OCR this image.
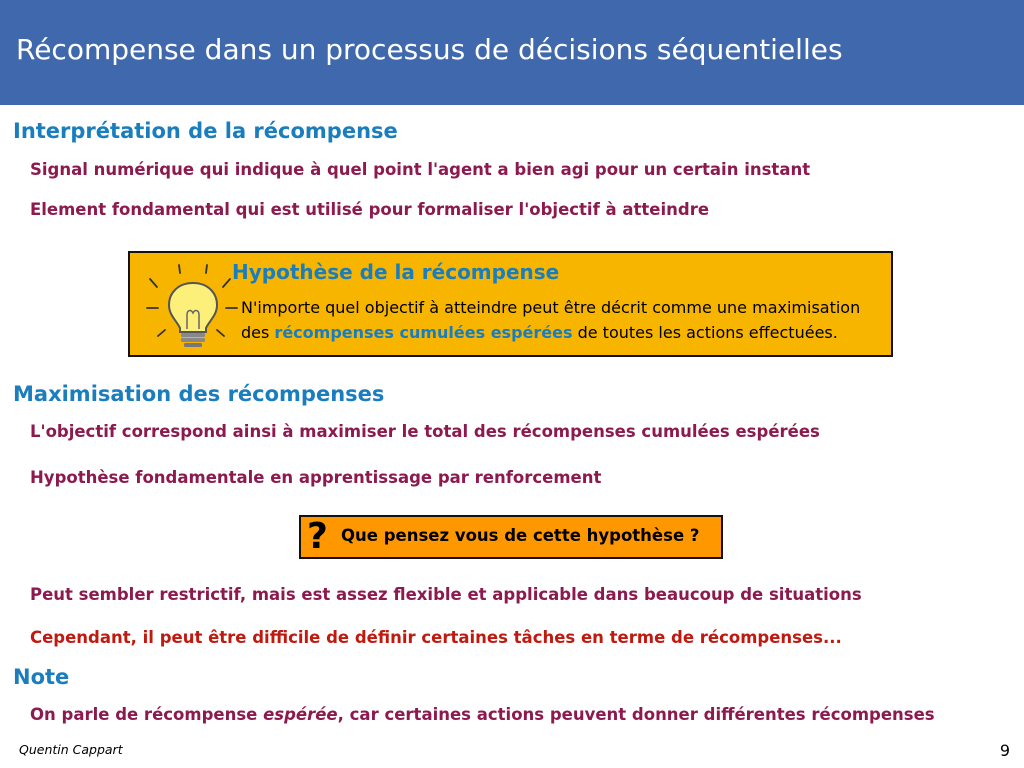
Récompense dans un processus de décisions séquentielles
Interprétation de la récompense
Signal numérique qui indique à quel point l'agent a bien agi pour un certain instant
Element fondamental qui est utilisé pour formaliser l'objectif à atteindre
Hypothèse de la récompense
N'importe quel objectif à atteindre peut être décrit comme une maximisation des récompenses cumulées espérées de toutes les actions effectuées.
Maximisation des récompenses
L'objectif correspond ainsi à maximiser le total des récompenses cumulées espérées
Hypothèse fondamentale en apprentissage par renforcement
? Que pensez vous de cette hypothèse ?
Peut sembler restrictif, mais est assez flexible et applicable dans beaucoup de situations
Cependant, il peut être difficile de définir certaines tâches en terme de récompenses...
Note
On parle de récompense espérée, car certaines actions peuvent donner différentes récompenses
Quentin Cappart	9
